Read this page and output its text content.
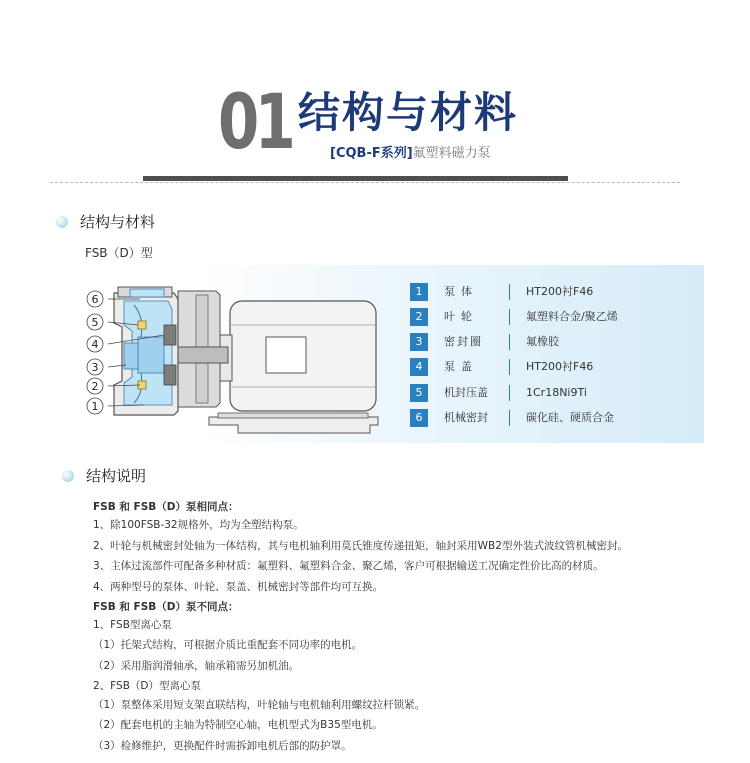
01 结构与材料
[CQB-F系列]氟塑料磁力泵
结构与材料
FSB（D）型
6
5
4
3
2
1
1	泵体	HT200衬F46
2	叶轮	氟塑料合金/聚乙烯
3	密封圈	氟橡胶
4	泵盖	HT200衬F46
5	机封压盖	1Cr18Ni9Ti
6	机械密封	碳化硅、硬质合金
结构说明
FSB 和 FSB（D）泵相同点：
1、除100FSB-32规格外，均为全塑结构泵。
2、叶轮与机械密封处轴为一体结构，其与电机轴利用莫氏锥度传递扭矩，轴封采用WB2型外装式波纹管机械密封。
3、主体过流部件可配备多种材质：氟塑料、氟塑料合金、聚乙烯，客户可根据输送工况确定性价比高的材质。
4、两种型号的泵体、叶轮、泵盖、机械密封等部件均可互换。
FSB 和 FSB（D）泵不同点：
1、FSB型离心泵
（1）托架式结构，可根据介质比重配套不同功率的电机。
（2）采用脂润滑轴承，轴承箱需另加机油。
2、FSB（D）型离心泵
（1）泵整体采用短支架直联结构，叶轮轴与电机轴利用螺纹拉杆锁紧。
（2）配套电机的主轴为特制空心轴，电机型式为B35型电机。
（3）检修维护，更换配件时需拆卸电机后部的防护罩。
